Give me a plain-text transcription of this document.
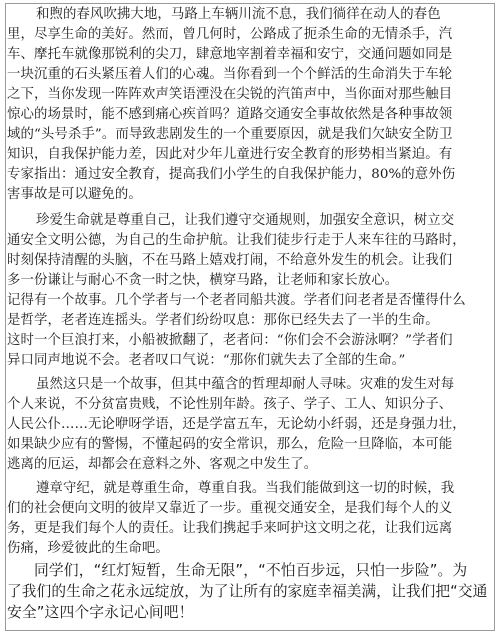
和煦的春风吹拂大地，马路上车辆川流不息，我们徜徉在动人的春色
里，尽享生命的美好。然而，曾几何时，公路成了扼杀生命的无情杀手，汽
车、摩托车就像那锐利的尖刀，肆意地宰割着幸福和安宁，交通问题如同是
一块沉重的石头紧压着人们的心魂。当你看到一个个鲜活的生命消失于车轮
之下，当你发现一阵阵欢声笑语湮没在尖锐的汽笛声中，当你面对那些触目
惊心的场景时，能不感到痛心疾首吗？道路交通安全事故依然是各种事故领
域的“头号杀手”。而导致悲剧发生的一个重要原因，就是我们欠缺安全防卫
知识，自我保护能力差，因此对少年儿童进行安全教育的形势相当紧迫。有
专家指出：通过安全教育，提高我们小学生的自我保护能力，80%的意外伤
害事故是可以避免的。
珍爱生命就是尊重自己，让我们遵守交通规则，加强安全意识，树立交
通安全文明公德，为自己的生命护航。让我们徒步行走于人来车往的马路时，
时刻保持清醒的头脑，不在马路上嬉戏打闹，不给意外发生的机会。让我们
多一份谦让与耐心不贪一时之快，横穿马路，让老师和家长放心。
记得有一个故事。几个学者与一个老者同船共渡。学者们问老者是否懂得什么
是哲学，老者连连摇头。学者们纷纷叹息：那你已经失去了一半的生命。
这时一个巨浪打来，小船被掀翻了，老者问：“你们会不会游泳啊？”学者们
异口同声地说不会。老者叹口气说：“那你们就失去了全部的生命。”
虽然这只是一个故事，但其中蕴含的哲理却耐人寻味。灾难的发生对每
个人来说，不分贫富贵贱，不论性别年龄。孩子、学子、工人、知识分子、
人民公仆……无论咿呀学语，还是学富五车，无论幼小纤弱，还是身强力壮，
如果缺少应有的警惕，不懂起码的安全常识，那么，危险一旦降临，本可能
逃离的厄运，却都会在意料之外、客观之中发生了。
遵章守纪，就是尊重生命，尊重自我。当我们能做到这一切的时候，我
们的社会便向文明的彼岸又靠近了一步。重视交通安全，是我们每个人的义
务，更是我们每个人的责任。让我们携起手来呵护这文明之花，让我们远离
伤痛，珍爱彼此的生命吧。
同学们，“红灯短暂，生命无限”，“不怕百步远，只怕一步险”。为
了我们的生命之花永远绽放，为了让所有的家庭幸福美满，让我们把“交通
安全”这四个字永记心间吧！
